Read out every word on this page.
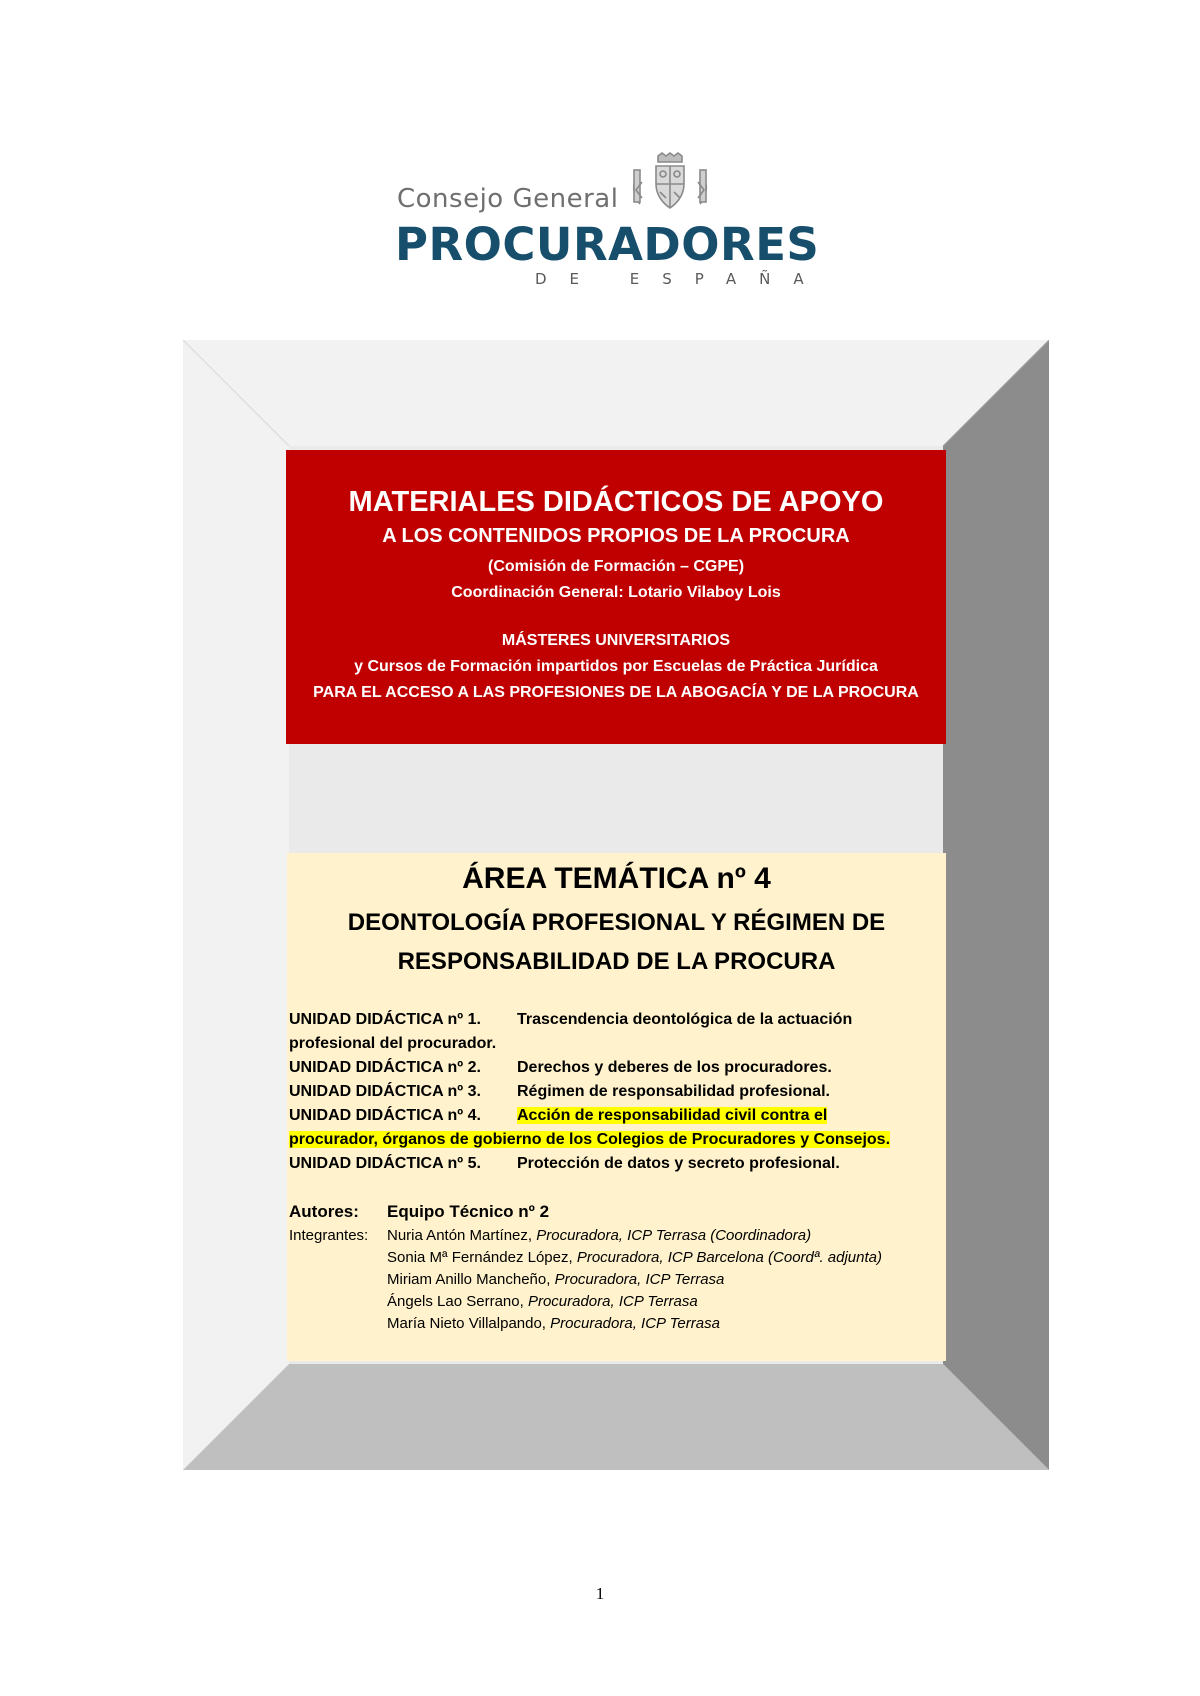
Consejo General
PROCURADORES
DE ESPAÑA
MATERIALES DIDÁCTICOS DE APOYO
A LOS CONTENIDOS PROPIOS DE LA PROCURA
(Comisión de Formación – CGPE)
Coordinación General: Lotario Vilaboy Lois
MÁSTERES UNIVERSITARIOS
y Cursos de Formación impartidos por Escuelas de Práctica Jurídica
PARA EL ACCESO A LAS PROFESIONES DE LA ABOGACÍA Y DE LA PROCURA
ÁREA TEMÁTICA nº 4
DEONTOLOGÍA PROFESIONAL Y RÉGIMEN DE
RESPONSABILIDAD DE LA PROCURA
UNIDAD DIDÁCTICA nº 1. Trascendencia deontológica de la actuación
profesional del procurador.
UNIDAD DIDÁCTICA nº 2. Derechos y deberes de los procuradores.
UNIDAD DIDÁCTICA nº 3. Régimen de responsabilidad profesional.
UNIDAD DIDÁCTICA nº 4. Acción de responsabilidad civil contra el
procurador, órganos de gobierno de los Colegios de Procuradores y Consejos.
UNIDAD DIDÁCTICA nº 5. Protección de datos y secreto profesional.
Autores:	Equipo Técnico nº 2
Integrantes:	Nuria Antón Martínez, Procuradora, ICP Terrasa (Coordinadora)
Sonia Mª Fernández López, Procuradora, ICP Barcelona (Coordª. adjunta)
Miriam Anillo Mancheño, Procuradora, ICP Terrasa
Ángels Lao Serrano, Procuradora, ICP Terrasa
María Nieto Villalpando, Procuradora, ICP Terrasa
1
